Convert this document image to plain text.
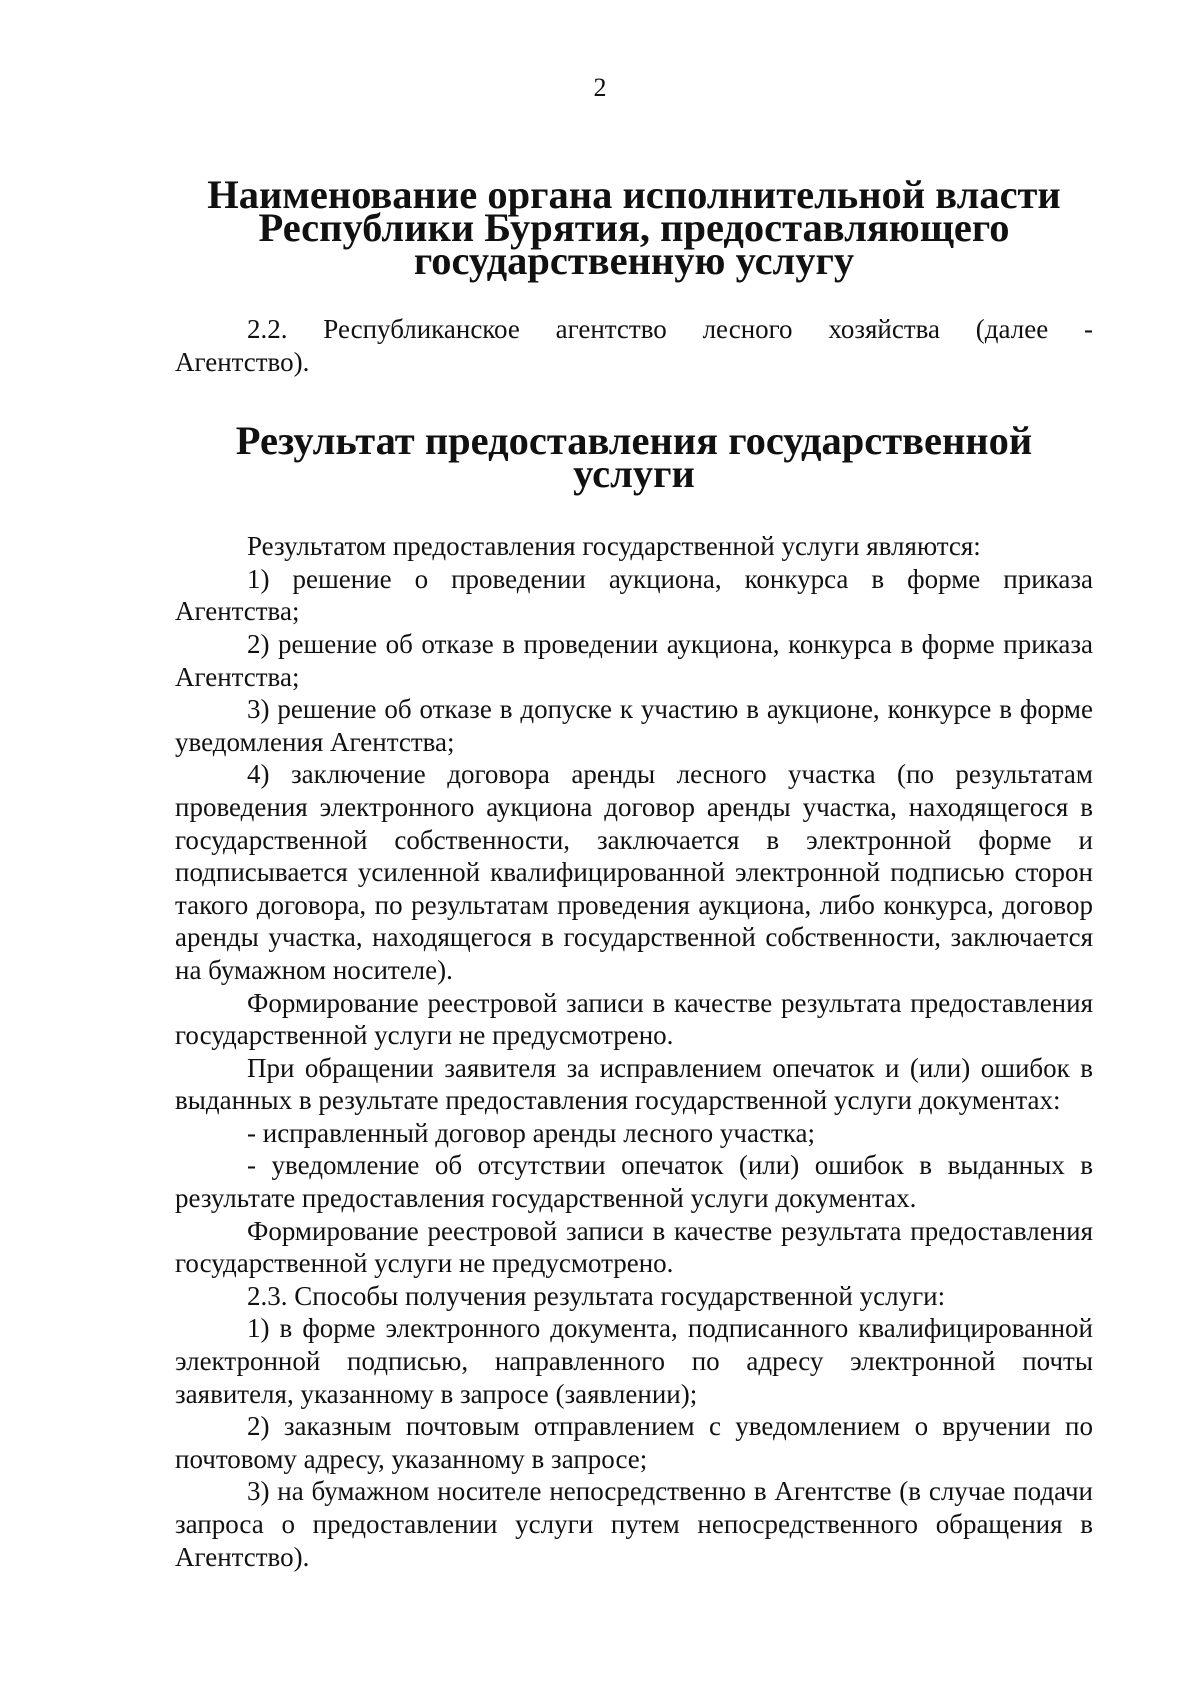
2
Наименование органа исполнительной власти
Республики Бурятия, предоставляющего государственную услугу

2.2. Республиканское агентство лесного хозяйства (далее -

Агентство).

Результат предоставления государственной услуги

Результатом предоставления государственной услуги являются:

1) решение о проведении аукциона, конкурса в форме приказа Агентства;

2) решение об отказе в проведении аукциона, конкурса в форме приказа Агентства;

3) решение об отказе в допуске к участию в аукционе, конкурсе в форме уведомления Агентства;

4) заключение договора аренды лесного участка (по результатам проведения электронного аукциона договор аренды участка, находящегося в государственной собственности, заключается в электронной форме и подписывается усиленной квалифицированной электронной подписью сторон такого договора, по результатам проведения аукциона, либо конкурса, договор аренды участка, находящегося в государственной собственности, заключается на бумажном носителе).

Формирование реестровой записи в качестве результата предоставления государственной услуги не предусмотрено.

При обращении заявителя за исправлением опечаток и (или) ошибок в выданных в результате предоставления государственной услуги документах:

- исправленный договор аренды лесного участка;

- уведомление об отсутствии опечаток (или) ошибок в выданных в результате предоставления государственной услуги документах.

Формирование реестровой записи в качестве результата предоставления государственной услуги не предусмотрено.

2.3. Способы получения результата государственной услуги:

1) в форме электронного документа, подписанного квалифицированной электронной подписью, направленного по адресу электронной почты заявителя, указанному в запросе (заявлении);

2) заказным почтовым отправлением с уведомлением о вручении по почтовому адресу, указанному в запросе;

3) на бумажном носителе непосредственно в Агентстве (в случае подачи запроса о предоставлении услуги путем непосредственного обращения в Агентство).
